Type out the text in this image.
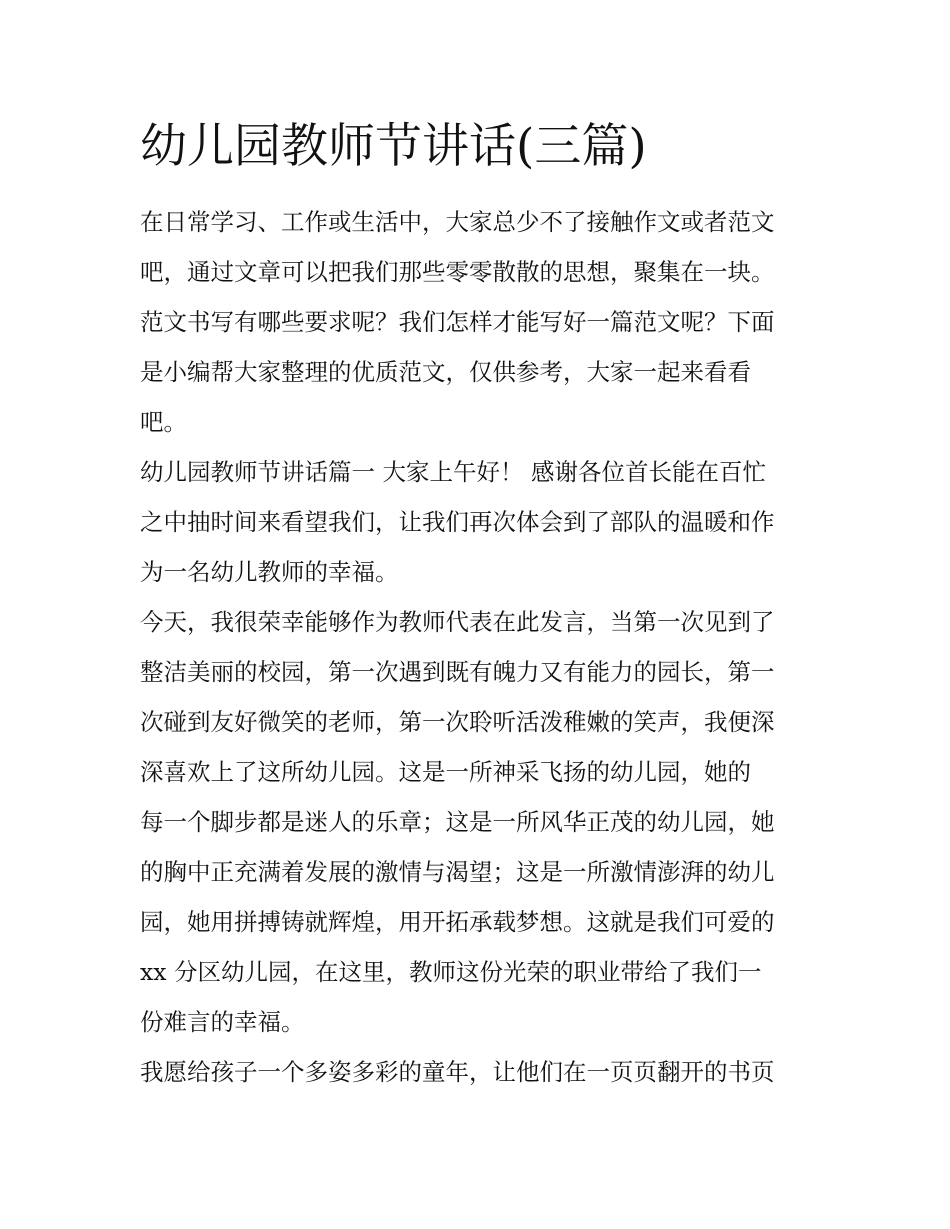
幼儿园教师节讲话(三篇)

在日常学习、工作或生活中，大家总少不了接触作文或者范文
吧，通过文章可以把我们那些零零散散的思想，聚集在一块。
范文书写有哪些要求呢？我们怎样才能写好一篇范文呢？下面
是小编帮大家整理的优质范文，仅供参考，大家一起来看看
吧。

幼儿园教师节讲话篇一 大家上午好！ 感谢各位首长能在百忙
之中抽时间来看望我们，让我们再次体会到了部队的温暖和作
为一名幼儿教师的幸福。

今天，我很荣幸能够作为教师代表在此发言，当第一次见到了
整洁美丽的校园，第一次遇到既有魄力又有能力的园长，第一
次碰到友好微笑的老师，第一次聆听活泼稚嫩的笑声，我便深
深喜欢上了这所幼儿园。这是一所神采飞扬的幼儿园，她的
每一个脚步都是迷人的乐章；这是一所风华正茂的幼儿园，她
的胸中正充满着发展的激情与渴望；这是一所激情澎湃的幼儿
园，她用拼搏铸就辉煌，用开拓承载梦想。这就是我们可爱的
xx 分区幼儿园，在这里，教师这份光荣的职业带给了我们一
份难言的幸福。

我愿给孩子一个多姿多彩的童年，让他们在一页页翻开的书页
